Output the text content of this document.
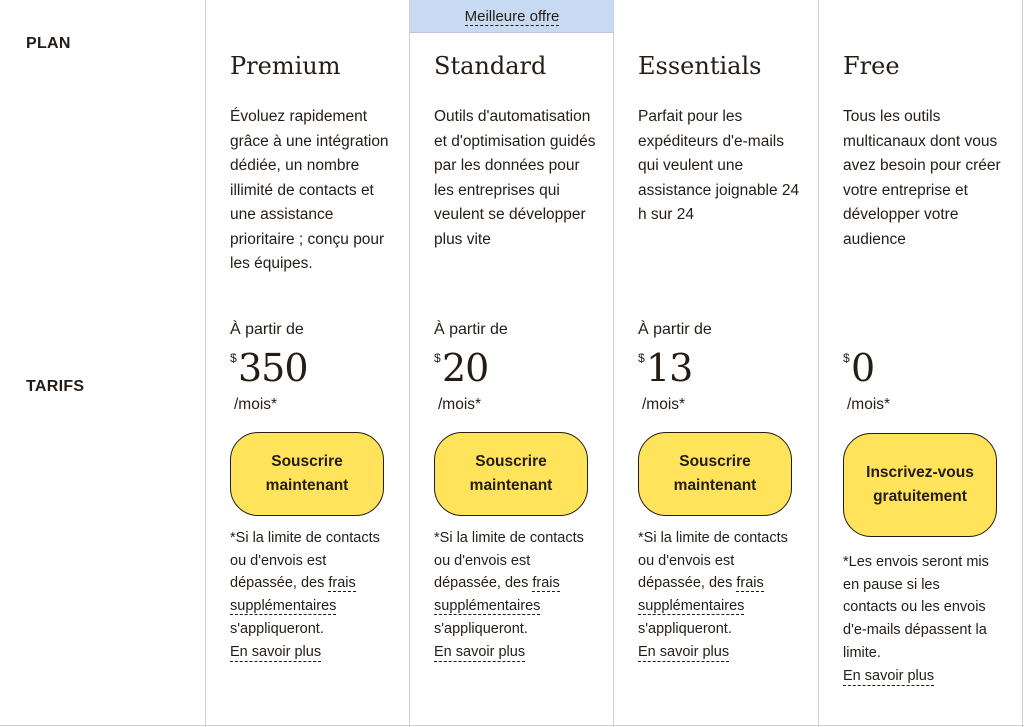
PLAN
TARIFS
Premium
Évoluez rapidement grâce à une intégration dédiée, un nombre illimité de contacts et une assistance prioritaire ; conçu pour les équipes.
À partir de
$ 350
/mois*
Souscrire maintenant
*Si la limite de contacts ou d'envois est dépassée, des frais supplémentaires s'appliqueront.
En savoir plus
Meilleure offre
Standard
Outils d'automatisation et d'optimisation guidés par les données pour les entreprises qui veulent se développer plus vite
À partir de
$ 20
/mois*
Souscrire maintenant
*Si la limite de contacts ou d'envois est dépassée, des frais supplémentaires s'appliqueront.
En savoir plus
Essentials
Parfait pour les expéditeurs d'e-mails qui veulent une assistance joignable 24 h sur 24
À partir de
$ 13
/mois*
Souscrire maintenant
*Si la limite de contacts ou d'envois est dépassée, des frais supplémentaires s'appliqueront.
En savoir plus
Free
Tous les outils multicanaux dont vous avez besoin pour créer votre entreprise et développer votre audience
$ 0
/mois*
Inscrivez-vous gratuitement
*Les envois seront mis en pause si les contacts ou les envois d'e-mails dépassent la limite.
En savoir plus
